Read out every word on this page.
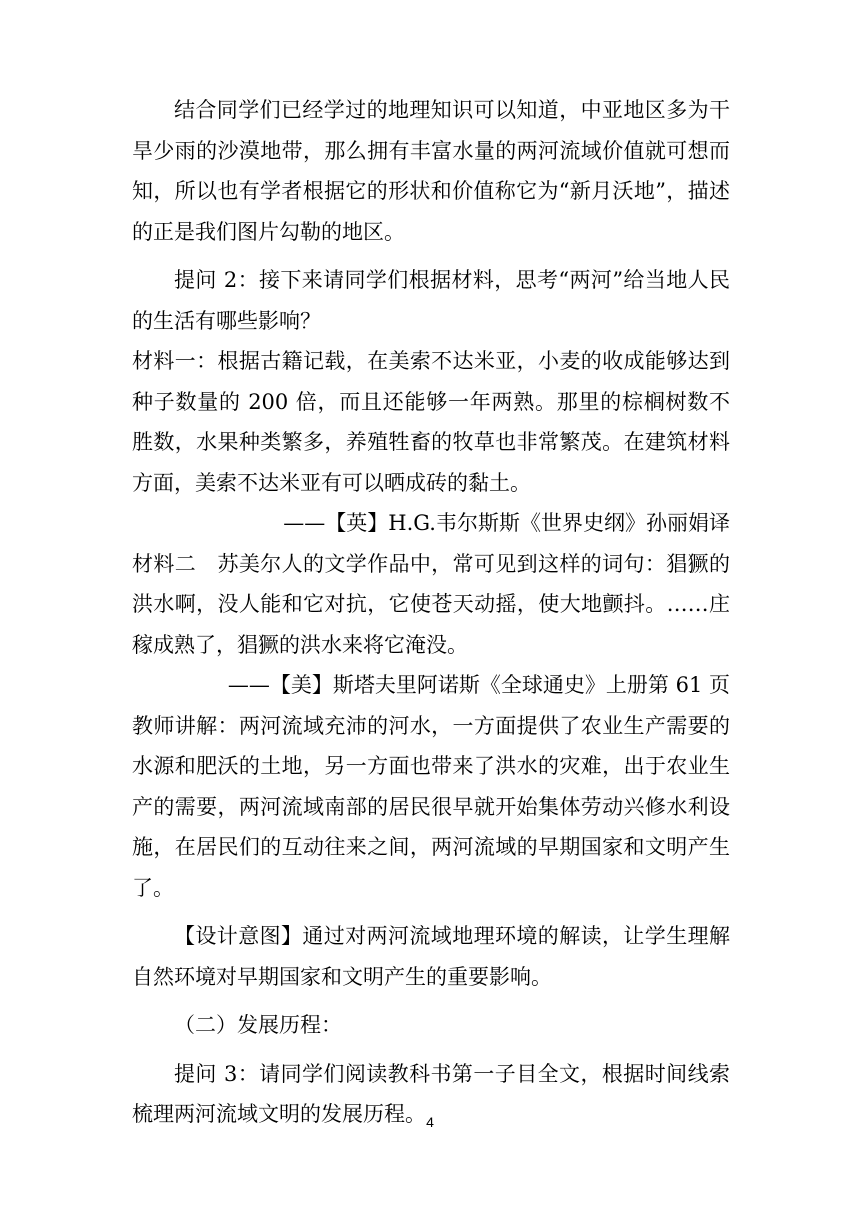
结合同学们已经学过的地理知识可以知道，中亚地区多为干旱少雨的沙漠地带，那么拥有丰富水量的两河流域价值就可想而知，所以也有学者根据它的形状和价值称它为“新月沃地”，描述的正是我们图片勾勒的地区。

提问 2：接下来请同学们根据材料，思考“两河”给当地人民的生活有哪些影响？

材料一：根据古籍记载，在美索不达米亚，小麦的收成能够达到种子数量的 200 倍，而且还能够一年两熟。那里的棕榈树数不胜数，水果种类繁多，养殖牲畜的牧草也非常繁茂。在建筑材料方面，美索不达米亚有可以晒成砖的黏土。

——【英】H.G.韦尔斯斯《世界史纲》孙丽娟译

材料二　苏美尔人的文学作品中，常可见到这样的词句：猖獗的洪水啊，没人能和它对抗，它使苍天动摇，使大地颤抖。……庄稼成熟了，猖獗的洪水来将它淹没。

——【美】斯塔夫里阿诺斯《全球通史》上册第 61 页

教师讲解：两河流域充沛的河水，一方面提供了农业生产需要的水源和肥沃的土地，另一方面也带来了洪水的灾难，出于农业生产的需要，两河流域南部的居民很早就开始集体劳动兴修水利设施，在居民们的互动往来之间，两河流域的早期国家和文明产生了。

【设计意图】通过对两河流域地理环境的解读，让学生理解自然环境对早期国家和文明产生的重要影响。

（二）发展历程：

提问 3：请同学们阅读教科书第一子目全文，根据时间线索梳理两河流域文明的发展历程。 4
